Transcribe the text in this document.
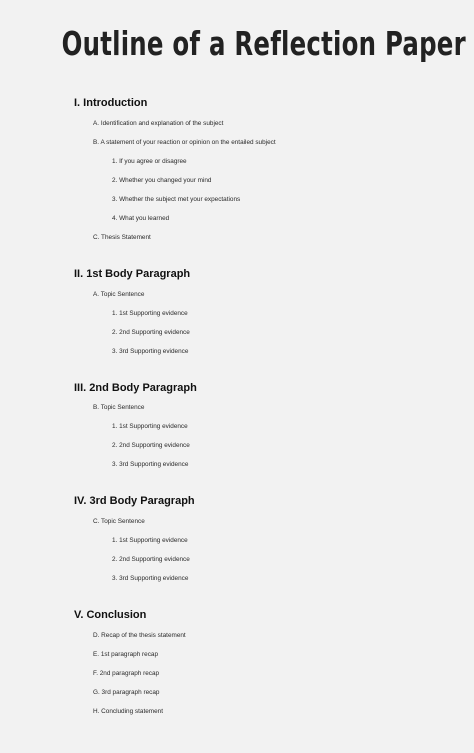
Outline of a Reflection Paper
I. Introduction
A. Identification and explanation of the subject
B. A statement of your reaction or opinion on the entailed subject
1. If you agree or disagree
2. Whether you changed your mind
3. Whether the subject met your expectations
4. What you learned
C. Thesis Statement
II. 1st Body Paragraph
A. Topic Sentence
1. 1st Supporting evidence
2. 2nd Supporting evidence
3. 3rd Supporting evidence
III. 2nd Body Paragraph
B. Topic Sentence
1. 1st Supporting evidence
2. 2nd Supporting evidence
3. 3rd Supporting evidence
IV. 3rd Body Paragraph
C. Topic Sentence
1. 1st Supporting evidence
2. 2nd Supporting evidence
3. 3rd Supporting evidence
V. Conclusion
D. Recap of the thesis statement
E. 1st paragraph recap
F. 2nd paragraph recap
G. 3rd paragraph recap
H. Concluding statement
